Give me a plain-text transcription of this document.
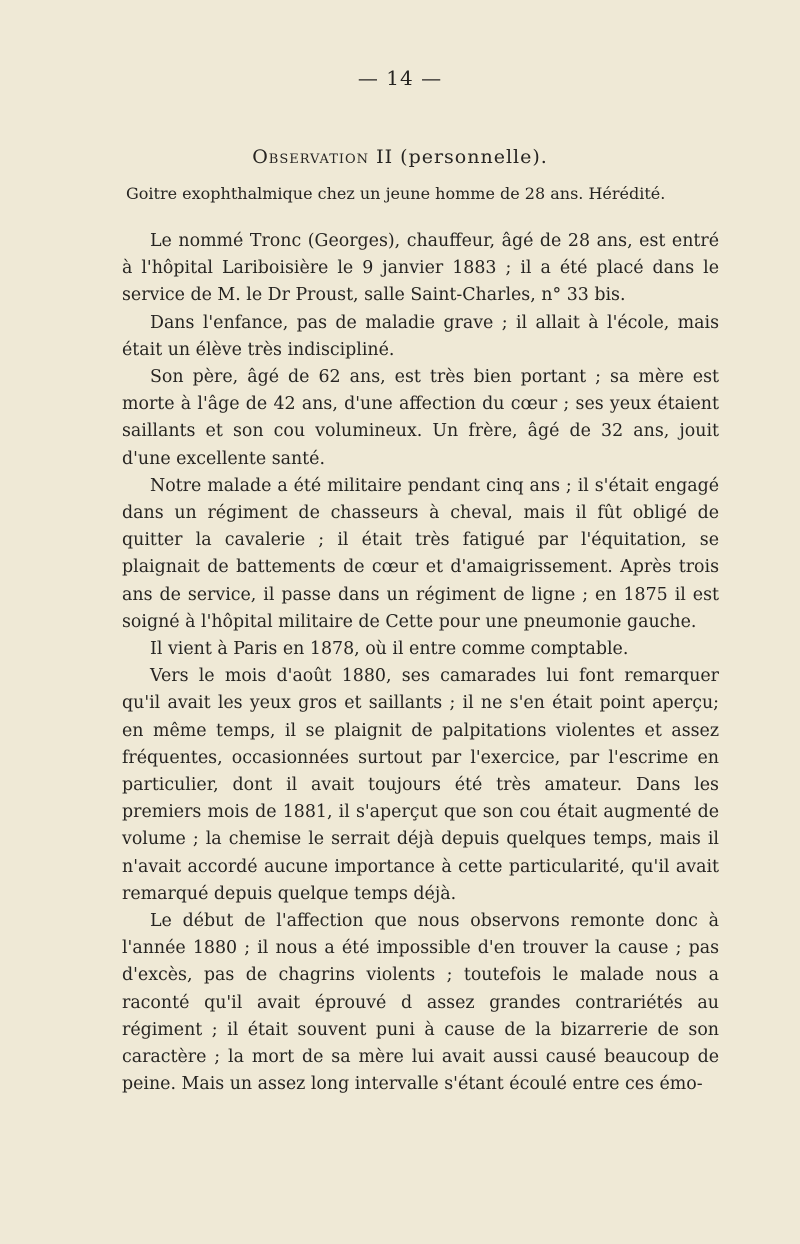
— 14 —
Observation II (personnelle).
Goitre exophthalmique chez un jeune homme de 28 ans. Hérédité.

Le nommé Tronc (Georges), chauffeur, âgé de 28 ans, est entré à l'hôpital Lariboisière le 9 janvier 1883 ; il a été placé dans le service de M. le Dr Proust, salle Saint-Charles, n° 33 bis.

Dans l'enfance, pas de maladie grave ; il allait à l'école, mais était un élève très indiscipliné.

Son père, âgé de 62 ans, est très bien portant ; sa mère est morte à l'âge de 42 ans, d'une affection du cœur ; ses yeux étaient saillants et son cou volumineux. Un frère, âgé de 32 ans, jouit d'une excellente santé.

Notre malade a été militaire pendant cinq ans ; il s'était engagé dans un régiment de chasseurs à cheval, mais il fût obligé de quitter la cavalerie ; il était très fatigué par l'équitation, se plaignait de battements de cœur et d'amaigrissement. Après trois ans de service, il passe dans un régiment de ligne ; en 1875 il est soigné à l'hôpital militaire de Cette pour une pneumonie gauche.

Il vient à Paris en 1878, où il entre comme comptable.

Vers le mois d'août 1880, ses camarades lui font remarquer qu'il avait les yeux gros et saillants ; il ne s'en était point aperçu; en même temps, il se plaignit de palpitations violentes et assez fréquentes, occasionnées surtout par l'exercice, par l'escrime en particulier, dont il avait toujours été très amateur. Dans les premiers mois de 1881, il s'aperçut que son cou était augmenté de volume ; la chemise le serrait déjà depuis quelques temps, mais il n'avait accordé aucune importance à cette particularité, qu'il avait remarqué depuis quelque temps déjà.

Le début de l'affection que nous observons remonte donc à l'année 1880 ; il nous a été impossible d'en trouver la cause ; pas d'excès, pas de chagrins violents ; toutefois le malade nous a raconté qu'il avait éprouvé d assez grandes contrariétés au régiment ; il était souvent puni à cause de la bizarrerie de son caractère ; la mort de sa mère lui avait aussi causé beaucoup de peine. Mais un assez long intervalle s'étant écoulé entre ces émo-
